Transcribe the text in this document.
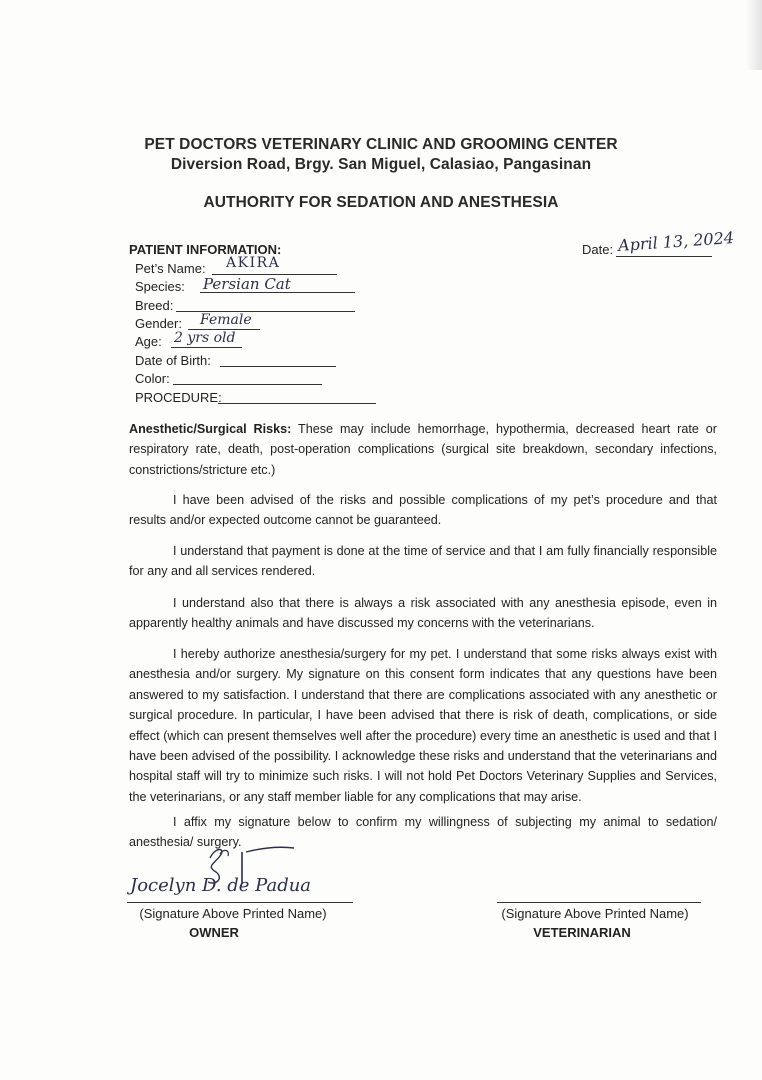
PET DOCTORS VETERINARY CLINIC AND GROOMING CENTER
Diversion Road, Brgy. San Miguel, Calasiao, Pangasinan
AUTHORITY FOR SEDATION AND ANESTHESIA
Date: April 13, 2024
PATIENT INFORMATION:
Pet’s Name: AKIRA
Species: Persian Cat
Breed:
Gender: Female
Age: 2 yrs old
Date of Birth:
Color:
PROCEDURE:

Anesthetic/Surgical Risks: These may include hemorrhage, hypothermia, decreased heart rate or respiratory rate, death, post-operation complications (surgical site breakdown, secondary infections, constrictions/stricture etc.)

I have been advised of the risks and possible complications of my pet’s procedure and that results and/or expected outcome cannot be guaranteed.

I understand that payment is done at the time of service and that I am fully financially responsible for any and all services rendered.

I understand also that there is always a risk associated with any anesthesia episode, even in apparently healthy animals and have discussed my concerns with the veterinarians.

I hereby authorize anesthesia/surgery for my pet. I understand that some risks always exist with anesthesia and/or surgery. My signature on this consent form indicates that any questions have been answered to my satisfaction. I understand that there are complications associated with any anesthetic or surgical procedure. In particular, I have been advised that there is risk of death, complications, or side effect (which can present themselves well after the procedure) every time an anesthetic is used and that I have been advised of the possibility. I acknowledge these risks and understand that the veterinarians and hospital staff will try to minimize such risks. I will not hold Pet Doctors Veterinary Supplies and Services, the veterinarians, or any staff member liable for any complications that may arise.

I affix my signature below to confirm my willingness of subjecting my animal to sedation/ anesthesia/ surgery.

Jocelyn D. de Padua
(Signature Above Printed Name)
OWNER
(Signature Above Printed Name)
VETERINARIAN
